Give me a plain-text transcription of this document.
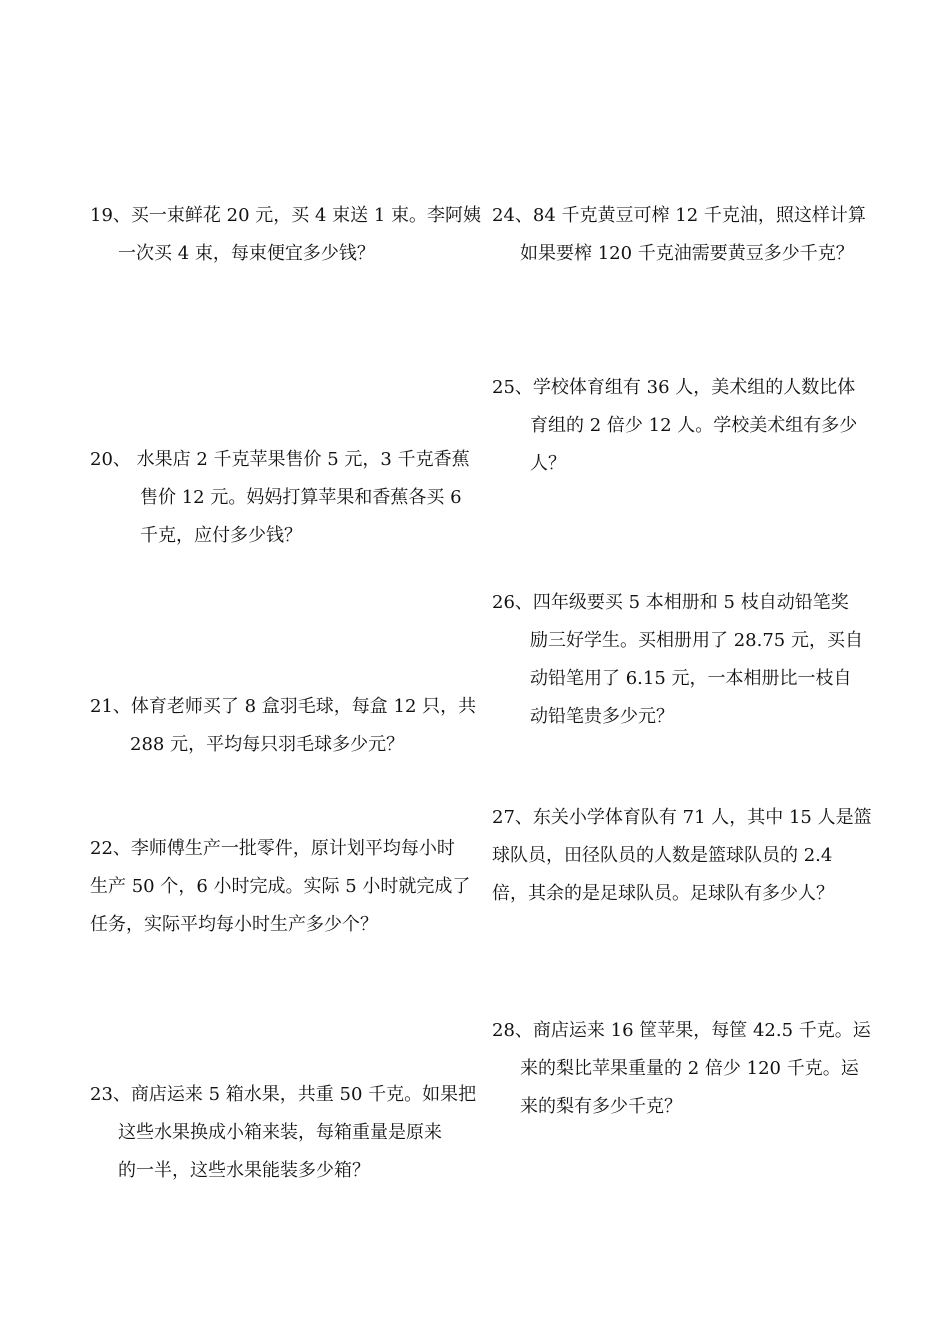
19、买一束鲜花 20 元，买 4 束送 1 束。李阿姨
一次买 4 束，每束便宜多少钱？
20、 水果店 2 千克苹果售价 5 元，3 千克香蕉
售价 12 元。妈妈打算苹果和香蕉各买 6
千克，应付多少钱？
21、体育老师买了 8 盒羽毛球，每盒 12 只，共
288 元，平均每只羽毛球多少元？
22、李师傅生产一批零件，原计划平均每小时
生产 50 个，6 小时完成。实际 5 小时就完成了
任务，实际平均每小时生产多少个？
23、商店运来 5 箱水果，共重 50 千克。如果把
这些水果换成小箱来装，每箱重量是原来
的一半，这些水果能装多少箱？
24、84 千克黄豆可榨 12 千克油，照这样计算
如果要榨 120 千克油需要黄豆多少千克？
25、学校体育组有 36 人，美术组的人数比体
育组的 2 倍少 12 人。学校美术组有多少
人？
26、四年级要买 5 本相册和 5 枝自动铅笔奖
励三好学生。买相册用了 28.75 元，买自
动铅笔用了 6.15 元，一本相册比一枝自
动铅笔贵多少元？
27、东关小学体育队有 71 人，其中 15 人是篮
球队员，田径队员的人数是篮球队员的 2.4
倍，其余的是足球队员。足球队有多少人？
28、商店运来 16 筐苹果，每筐 42.5 千克。运
来的梨比苹果重量的 2 倍少 120 千克。运
来的梨有多少千克？
